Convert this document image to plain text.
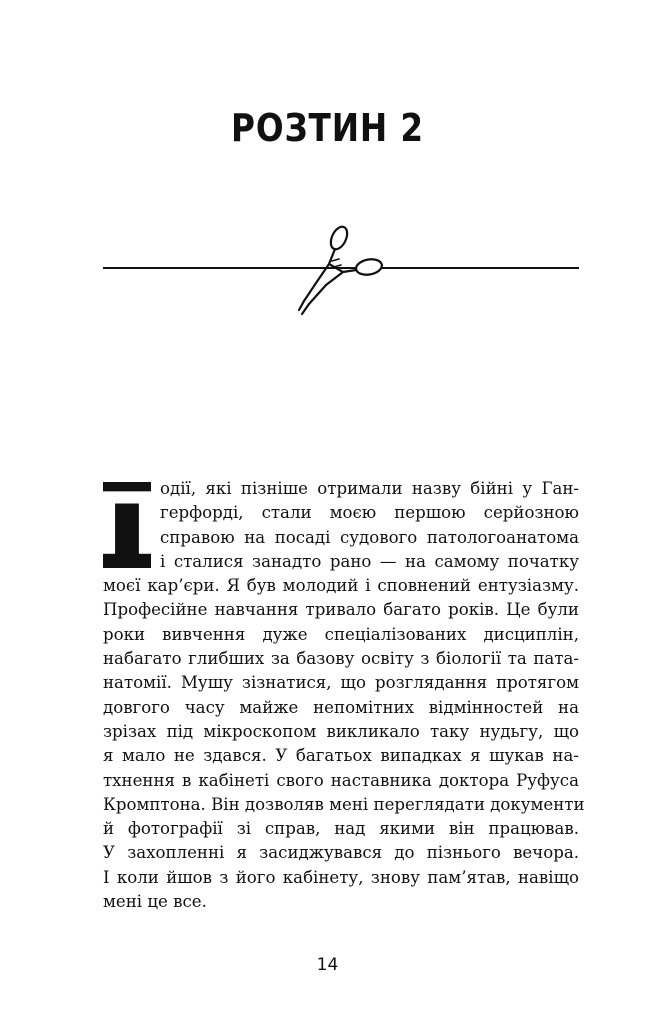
РОЗТИН 2
П
одії, які пізніше отримали назву бійні у Ган-
герфорді, стали моєю першою серйозною
справою на посаді судового патологоанатома
і сталися занадто рано — на самому початку
моєї кар’єри. Я був молодий і сповнений ентузіазму.
Професійне навчання тривало багато років. Це були
роки вивчення дуже спеціалізованих дисциплін,
набагато глибших за базову освіту з біології та пата-
натомії. Мушу зізнатися, що розглядання протягом
довгого часу майже непомітних відмінностей на
зрізах під мікроскопом викликало таку нудьгу, що
я мало не здався. У багатьох випадках я шукав на-
тхнення в кабінеті свого наставника доктора Руфуса
Кромптона. Він дозволяв мені переглядати документи
й фотографії зі справ, над якими він працював.
У захопленні я засиджувався до пізнього вечора.
І коли йшов з його кабінету, знову пам’ятав, навіщо
мені це все.
14
